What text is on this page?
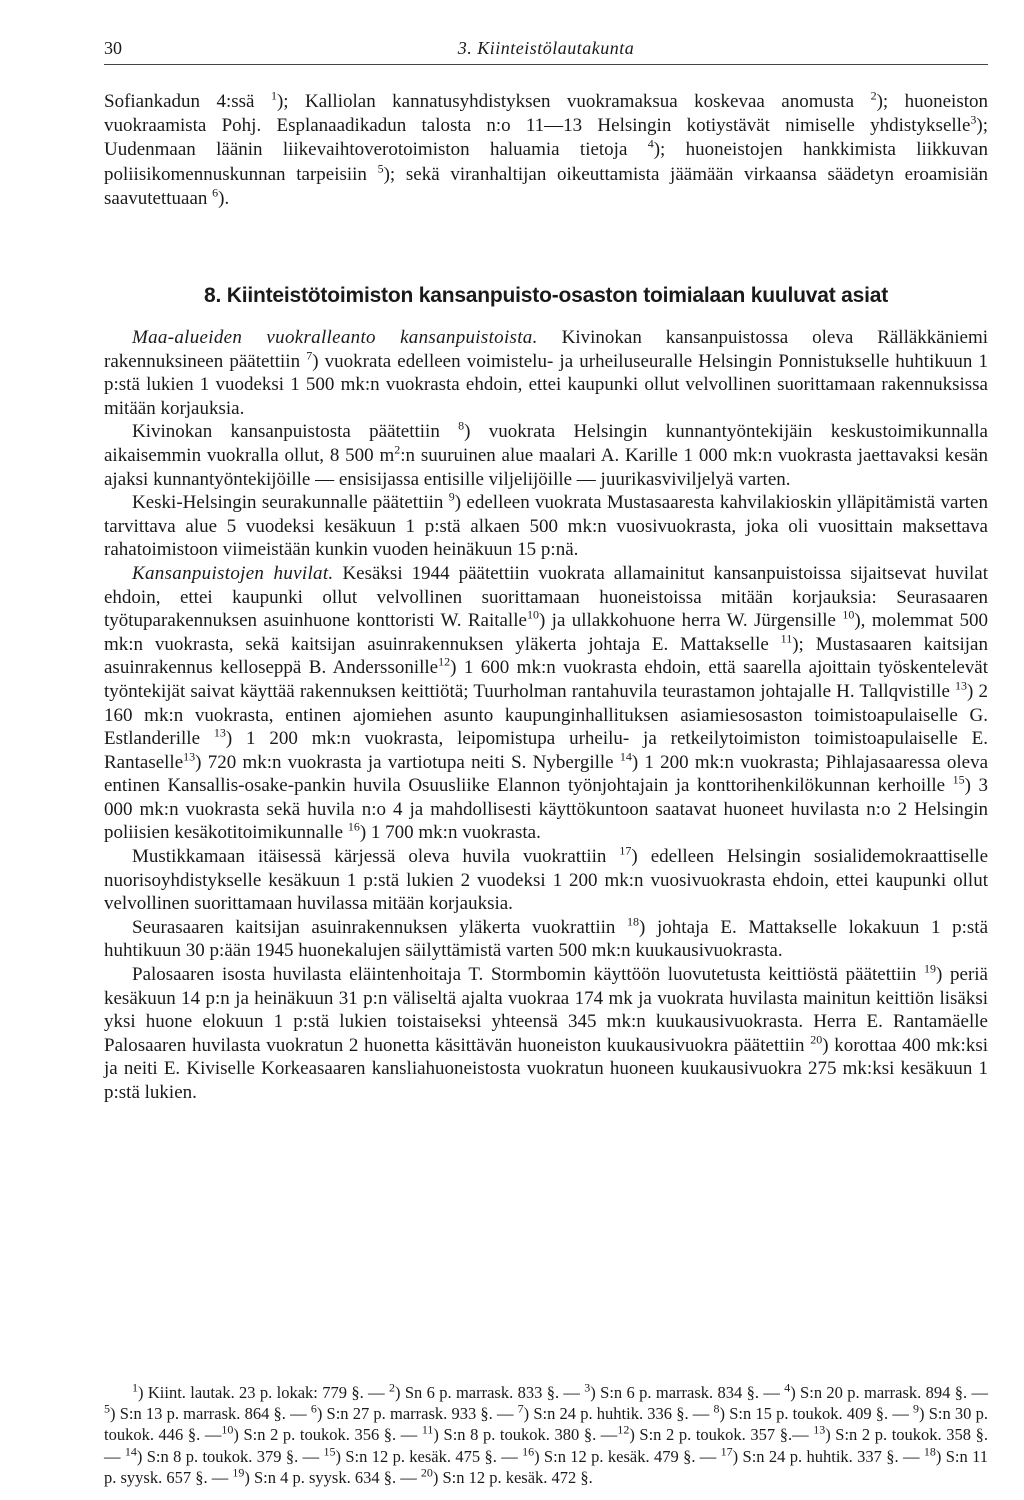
30	3. Kiinteistölautakunta

Sofiankadun 4:ssä $^1$); Kalliolan kannatusyhdistyksen vuokramaksua koskevaa anomusta $^2$); huoneiston vuokraamista Pohj. Esplanaadikadun talosta n:o 11—13 Helsingin kotiystävät nimiselle yhdistykselle$^3$); Uudenmaan läänin liikevaihtoverotoimiston haluamia tietoja $^4$); huoneistojen hankkimista liikkuvan poliisikomennuskunnan tarpeisiin $^5$); sekä viranhaltijan oikeuttamista jäämään virkaansa säädetyn eroamisiän saavutettuaan $^6$).

8. Kiinteistötoimiston kansanpuisto-osaston toimialaan kuuluvat asiat

Maa-alueiden vuokralleanto kansanpuistoista. Kivinokan kansanpuistossa oleva Rälläkkäniemi rakennuksineen päätettiin $^7$) vuokrata edelleen voimistelu- ja urheiluseuralle Helsingin Ponnistukselle huhtikuun 1 p:stä lukien 1 vuodeksi 1 500 mk:n vuokrasta ehdoin, ettei kaupunki ollut velvollinen suorittamaan rakennuksissa mitään korjauksia.

Kivinokan kansanpuistosta päätettiin $^8$) vuokrata Helsingin kunnantyöntekijäin keskustoimikunnalla aikaisemmin vuokralla ollut, 8 500 $m^2:n$ suuruinen alue maalari A. Karille 1 000 mk:n vuokrasta jaettavaksi kesän ajaksi kunnantyöntekijöille — ensisijassa entisille viljelijöille — juurikasviviljelyä varten.

Keski-Helsingin seurakunnalle päätettiin $^9$) edelleen vuokrata Mustasaaresta kahvilakioskin ylläpitämistä varten tarvittava alue 5 vuodeksi kesäkuun 1 p:stä alkaen 500 mk:n vuosivuokrasta, joka oli vuosittain maksettava rahatoimistoon viimeistään kunkin vuoden heinäkuun 15 p:nä.

Kansanpuistojen huvilat. Kesäksi 1944 päätettiin vuokrata allamainitut kansanpuistoissa sijaitsevat huvilat ehdoin, ettei kaupunki ollut velvollinen suorittamaan huoneistoissa mitään korjauksia: Seurasaaren työtuparakennuksen asuinhuone konttoristi W. Raitalle$^{10}$) ja ullakkohuone herra W. Jürgensille $^{10}$), molemmat 500 mk:n vuokrasta, sekä kaitsijan asuinrakennuksen yläkerta johtaja E. Mattakselle $^{11}$); Mustasaaren kaitsijan asuinrakennus kelloseppä B. Anderssonille$^{12}$) 1 600 mk:n vuokrasta ehdoin, että saarella ajoittain työskentelevät työntekijät saivat käyttää rakennuksen keittiötä; Tuurholman rantahuvila teurastamon johtajalle H. Tallqvistille $^{13}$) 2 160 mk:n vuokrasta, entinen ajomiehen asunto kaupunginhallituksen asiamiesosaston toimistoapulaiselle G. Estlanderille $^{13}$) 1 200 mk:n vuokrasta, leipomistupa urheilu- ja retkeilytoimiston toimistoapulaiselle E. Rantaselle$^{13}$) 720 mk:n vuokrasta ja vartiotupa neiti S. Nybergille $^{14}$) 1 200 mk:n vuokrasta; Pihlajasaaressa oleva entinen Kansallis-osake-pankin huvila Osuusliike Elannon työnjohtajain ja konttorihenkilökunnan kerhoille $^{15}$) 3 000 mk:n vuokrasta sekä huvila n:o 4 ja mahdollisesti käyttökuntoon saatavat huoneet huvilasta n:o 2 Helsingin poliisien kesäkotitoimikunnalle $^{16}$) 1 700 mk:n vuokrasta.

Mustikkamaan itäisessä kärjessä oleva huvila vuokrattiin $^{17}$) edelleen Helsingin sosialidemokraattiselle nuorisoyhdistykselle kesäkuun 1 p:stä lukien 2 vuodeksi 1 200 mk:n vuosivuokrasta ehdoin, ettei kaupunki ollut velvollinen suorittamaan huvilassa mitään korjauksia.

Seurasaaren kaitsijan asuinrakennuksen yläkerta vuokrattiin $^{18}$) johtaja E. Mattakselle lokakuun 1 p:stä huhtikuun 30 p:ään 1945 huonekalujen säilyttämistä varten 500 mk:n kuukausivuokrasta.

Palosaaren isosta huvilasta eläintenhoitaja T. Stormbomin käyttöön luovutetusta keittiöstä päätettiin $^{19}$) periä kesäkuun 14 p:n ja heinäkuun 31 p:n väliseltä ajalta vuokraa 174 mk ja vuokrata huvilasta mainitun keittiön lisäksi yksi huone elokuun 1 p:stä lukien toistaiseksi yhteensä 345 mk:n kuukausivuokrasta. Herra E. Rantamäelle Palosaaren huvilasta vuokratun 2 huonetta käsittävän huoneiston kuukausivuokra päätettiin $^{20}$) korottaa 400 mk:ksi ja neiti E. Kiviselle Korkeasaaren kansliahuoneistosta vuokratun huoneen kuukausivuokra 275 mk:ksi kesäkuun 1 p:stä lukien.

$^1$) Kiint. lautak. 23 p. lokak: 779 §. — $^2$) Sn 6 p. marrask. 833 §. — $^3$) S:n 6 p. marrask. 834 §. — $^4$) S:n 20 p. marrask. 894 §. — $^5$) S:n 13 p. marrask. 864 §. — $^6$) S:n 27 p. marrask. 933 §. — $^7$) S:n 24 p. huhtik. 336 §. — $^8$) S:n 15 p. toukok. 409 §. — $^9$) S:n 30 p. toukok. 446 §. —$^{10}$) S:n 2 p. toukok. 356 §. — $^{11}$) S:n 8 p. toukok. 380 §. —$^{12}$) S:n 2 p. toukok. 357 §.— $^{13}$) S:n 2 p. toukok. 358 §. — $^{14}$) S:n 8 p. toukok. 379 §. — $^{15}$) S:n 12 p. kesäk. 475 §. — $^{16}$) S:n 12 p. kesäk. 479 §. — $^{17}$) S:n 24 p. huhtik. 337 §. — $^{18}$) S:n 11 p. syysk. 657 §. — $^{19}$) S:n 4 p. syysk. 634 §. — $^{20}$) S:n 12 p. kesäk. 472 §.
